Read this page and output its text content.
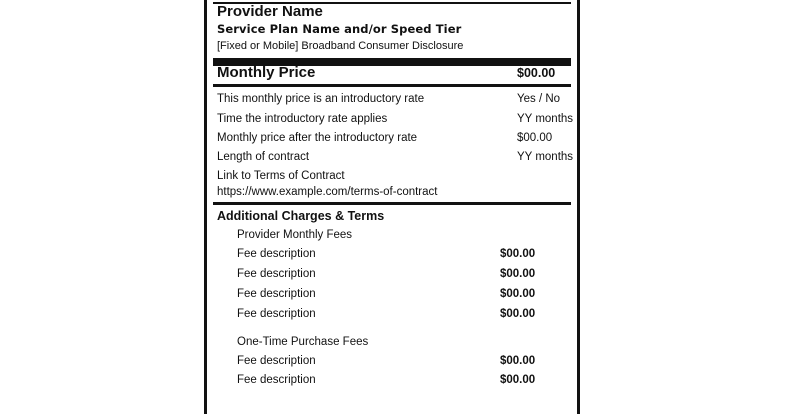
Provider Name
Service Plan Name and/or Speed Tier
[Fixed or Mobile] Broadband Consumer Disclosure
Monthly Price	$00.00
This monthly price is an introductory rate	Yes / No
Time the introductory rate applies	YY months
Monthly price after the introductory rate	$00.00
Length of contract	YY months
Link to Terms of Contract
https://www.example.com/terms-of-contract
Additional Charges & Terms
Provider Monthly Fees
Fee description	$00.00
Fee description	$00.00
Fee description	$00.00
Fee description	$00.00
One-Time Purchase Fees
Fee description	$00.00
Fee description	$00.00
